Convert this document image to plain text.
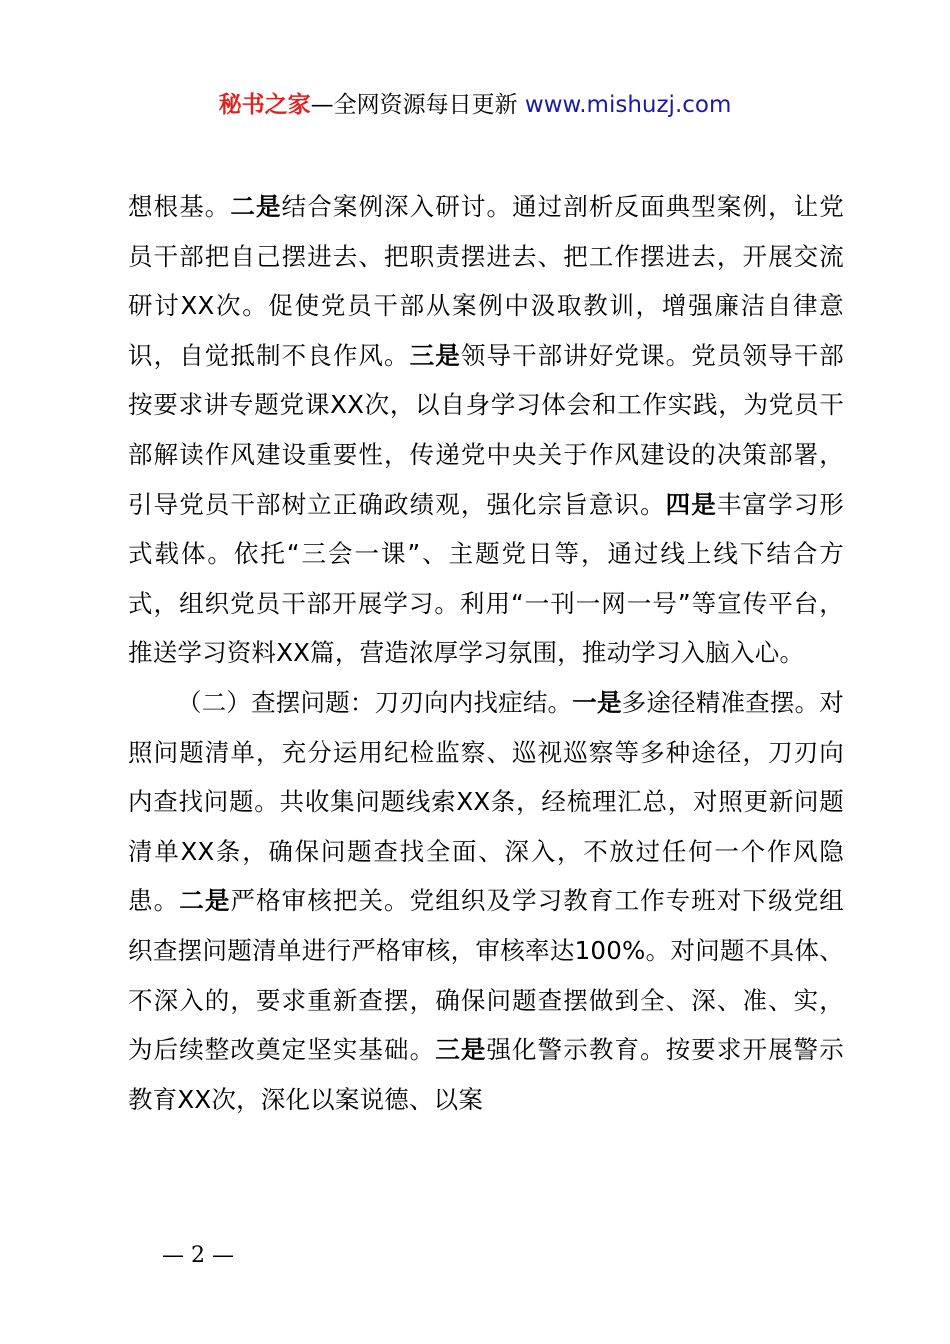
秘书之家—全网资源每日更新 www.mishuzj.com

想根基。二是结合案例深入研讨。通过剖析反面典型案例，让党员干部把自己摆进去、把职责摆进去、把工作摆进去，开展交流研讨XX次。促使党员干部从案例中汲取教训，增强廉洁自律意识，自觉抵制不良作风。三是领导干部讲好党课。党员领导干部按要求讲专题党课XX次，以自身学习体会和工作实践，为党员干部解读作风建设重要性，传递党中央关于作风建设的决策部署，引导党员干部树立正确政绩观，强化宗旨意识。四是丰富学习形式载体。依托“三会一课”、主题党日等，通过线上线下结合方式，组织党员干部开展学习。利用“一刊一网一号”等宣传平台，推送学习资料XX篇，营造浓厚学习氛围，推动学习入脑入心。

（二）查摆问题：刀刃向内找症结。一是多途径精准查摆。对照问题清单，充分运用纪检监察、巡视巡察等多种途径，刀刃向内查找问题。共收集问题线索XX条，经梳理汇总，对照更新问题清单XX条，确保问题查找全面、深入，不放过任何一个作风隐患。二是严格审核把关。党组织及学习教育工作专班对下级党组织查摆问题清单进行严格审核，审核率达100%。对问题不具体、不深入的，要求重新查摆，确保问题查摆做到全、深、准、实，为后续整改奠定坚实基础。三是强化警示教育。按要求开展警示教育XX次，深化以案说德、以案

— 2 —
